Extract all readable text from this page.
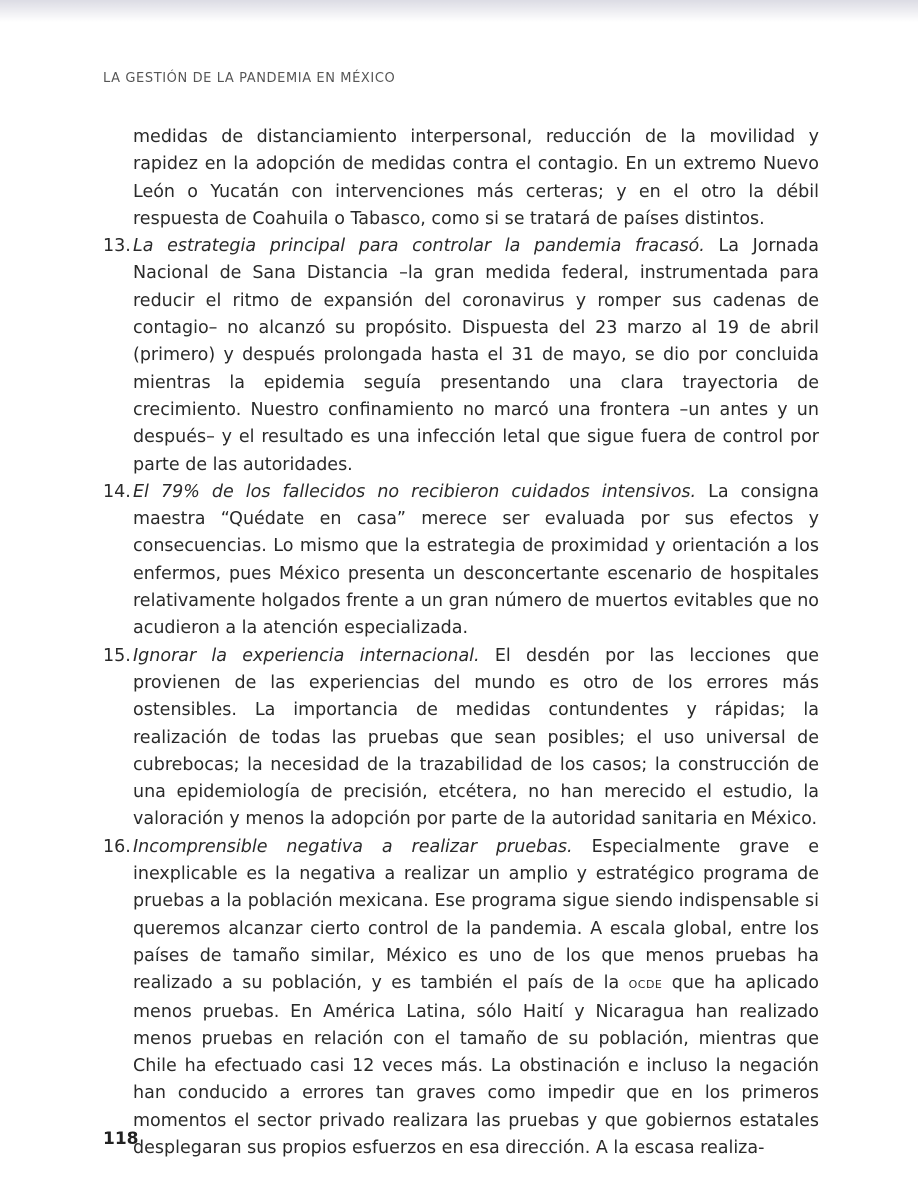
LA GESTIÓN DE LA PANDEMIA EN MÉXICO

medidas de distanciamiento interpersonal, reducción de la movilidad y rapidez en la adopción de medidas contra el contagio. En un extremo Nuevo León o Yucatán con intervenciones más certeras; y en el otro la débil respuesta de Coahuila o Tabasco, como si se tratará de países distintos.

13. La estrategia principal para controlar la pandemia fracasó. La Jornada Nacional de Sana Distancia –la gran medida federal, instrumentada para reducir el ritmo de expansión del coronavirus y romper sus cadenas de contagio– no alcanzó su propósito. Dispuesta del 23 marzo al 19 de abril (primero) y después prolongada hasta el 31 de mayo, se dio por concluida mientras la epidemia seguía presentando una clara trayectoria de crecimiento. Nuestro confinamiento no marcó una frontera –un antes y un después– y el resultado es una infección letal que sigue fuera de control por parte de las autoridades.

14. El 79% de los fallecidos no recibieron cuidados intensivos. La consigna maestra “Quédate en casa” merece ser evaluada por sus efectos y consecuencias. Lo mismo que la estrategia de proximidad y orientación a los enfermos, pues México presenta un desconcertante escenario de hospitales relativamente holgados frente a un gran número de muertos evitables que no acudieron a la atención especializada.

15. Ignorar la experiencia internacional. El desdén por las lecciones que provienen de las experiencias del mundo es otro de los errores más ostensibles. La importancia de medidas contundentes y rápidas; la realización de todas las pruebas que sean posibles; el uso universal de cubrebocas; la necesidad de la trazabilidad de los casos; la construcción de una epidemiología de precisión, etcétera, no han merecido el estudio, la valoración y menos la adopción por parte de la autoridad sanitaria en México.

16. Incomprensible negativa a realizar pruebas. Especialmente grave e inexplicable es la negativa a realizar un amplio y estratégico programa de pruebas a la población mexicana. Ese programa sigue siendo indispensable si queremos alcanzar cierto control de la pandemia. A escala global, entre los países de tamaño similar, México es uno de los que menos pruebas ha realizado a su población, y es también el país de la OCDE que ha aplicado menos pruebas. En América Latina, sólo Haití y Nicaragua han realizado menos pruebas en relación con el tamaño de su población, mientras que Chile ha efectuado casi 12 veces más. La obstinación e incluso la negación han conducido a errores tan graves como impedir que en los primeros momentos el sector privado realizara las pruebas y que gobiernos estatales desplegaran sus propios esfuerzos en esa dirección. A la escasa realiza-

118
